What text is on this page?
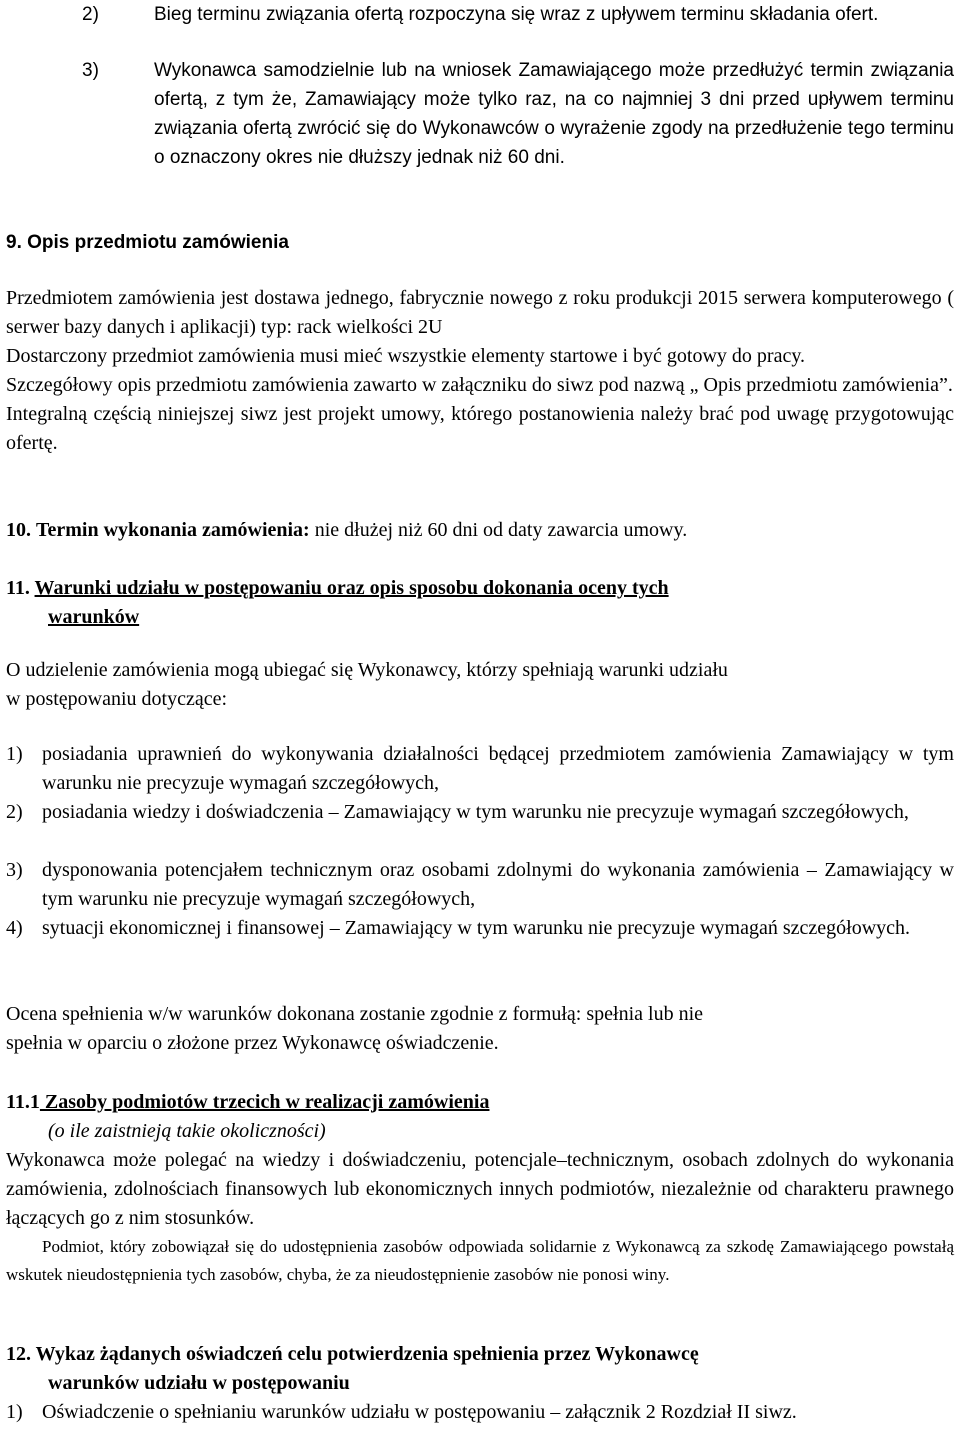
2)	Bieg terminu związania ofertą rozpoczyna się wraz z upływem terminu składania ofert.
3)	Wykonawca samodzielnie lub na wniosek Zamawiającego może przedłużyć termin związania ofertą, z tym że, Zamawiający może tylko raz, na co najmniej 3 dni przed upływem terminu związania ofertą zwrócić się do Wykonawców o wyrażenie zgody na przedłużenie tego terminu o oznaczony okres nie dłuższy jednak niż 60 dni.
9. Opis przedmiotu zamówienia
Przedmiotem zamówienia jest dostawa jednego, fabrycznie nowego z roku produkcji 2015 serwera komputerowego ( serwer bazy danych i aplikacji) typ: rack wielkości 2U
Dostarczony przedmiot zamówienia musi mieć wszystkie elementy startowe i być gotowy do pracy.
Szczegółowy opis przedmiotu zamówienia zawarto w załączniku do siwz pod nazwą „ Opis przedmiotu zamówienia”.
Integralną częścią niniejszej siwz jest projekt umowy, którego postanowienia należy brać pod uwagę przygotowując ofertę.
10. Termin wykonania zamówienia: nie dłużej niż 60 dni od daty zawarcia umowy.
11. Warunki udziału w postępowaniu oraz opis sposobu dokonania oceny tych
warunków
O udzielenie zamówienia mogą ubiegać się Wykonawcy, którzy spełniają warunki udziału
w postępowaniu dotyczące:
1) posiadania uprawnień do wykonywania działalności będącej przedmiotem zamówienia Zamawiający w tym warunku nie precyzuje wymagań szczegółowych,
2) posiadania wiedzy i doświadczenia – Zamawiający w tym warunku nie precyzuje wymagań szczegółowych,
3) dysponowania potencjałem technicznym oraz osobami zdolnymi do wykonania zamówienia – Zamawiający w tym warunku nie precyzuje wymagań szczegółowych,
4) sytuacji ekonomicznej i finansowej – Zamawiający w tym warunku nie precyzuje wymagań szczegółowych.
Ocena spełnienia w/w warunków dokonana zostanie zgodnie z formułą: spełnia lub nie
spełnia w oparciu o złożone przez Wykonawcę oświadczenie.
11.1 Zasoby podmiotów trzecich w realizacji zamówienia
(o ile zaistnieją takie okoliczności)
Wykonawca może polegać na wiedzy i doświadczeniu, potencjale–technicznym, osobach zdolnych do wykonania zamówienia, zdolnościach finansowych lub ekonomicznych innych podmiotów, niezależnie od charakteru prawnego łączących go z nim stosunków.
Podmiot, który zobowiązał się do udostępnienia zasobów odpowiada solidarnie z Wykonawcą za szkodę Zamawiającego powstałą wskutek nieudostępnienia tych zasobów, chyba, że za nieudostępnienie zasobów nie ponosi winy.
12. Wykaz żądanych oświadczeń celu potwierdzenia spełnienia przez Wykonawcę
warunków udziału w postępowaniu
1) Oświadczenie o spełnianiu warunków udziału w postępowaniu – załącznik 2 Rozdział II siwz.
